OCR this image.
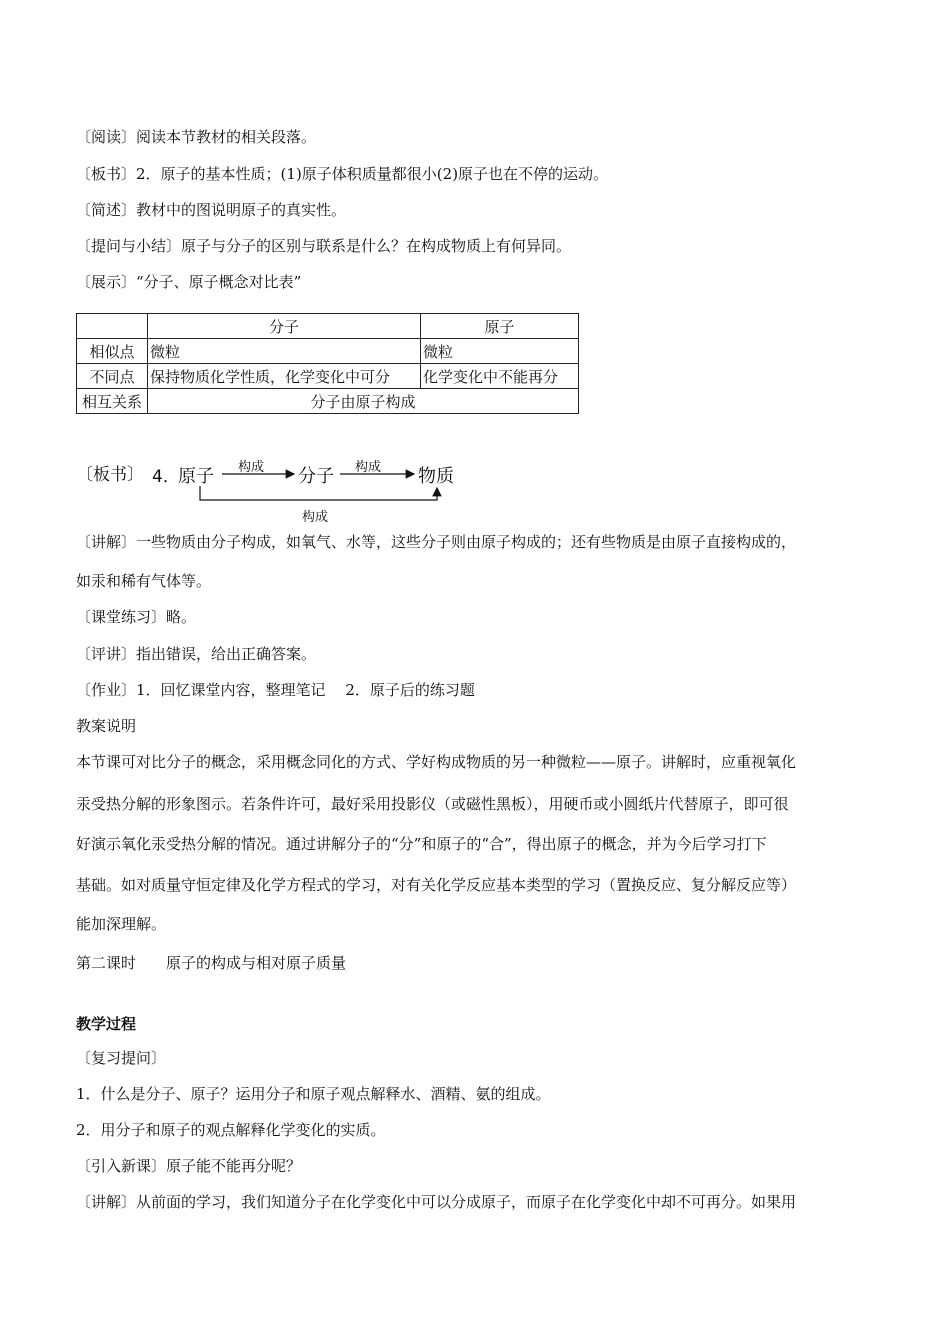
〔阅读〕阅读本节教材的相关段落。
〔板书〕2．原子的基本性质；(1)原子体积质量都很小(2)原子也在不停的运动。
〔简述〕教材中的图说明原子的真实性。
〔提问与小结〕原子与分子的区别与联系是什么？在构成物质上有何异同。
〔展示〕“分子、原子概念对比表”
	分子	原子
相似点	微粒	微粒
不同点	保持物质化学性质，化学变化中可分	化学变化中不能再分
相互关系	分子由原子构成	
〔板书〕 4．
原子 构成 分子 构成 物质
构成
〔讲解〕一些物质由分子构成，如氧气、水等，这些分子则由原子构成的；还有些物质是由原子直接构成的，
如汞和稀有气体等。
〔课堂练习〕略。
〔评讲〕指出错误，给出正确答案。
〔作业〕1．回忆课堂内容，整理笔记　 2．原子后的练习题
教案说明
本节课可对比分子的概念，采用概念同化的方式、学好构成物质的另一种微粒——原子。讲解时，应重视氧化
汞受热分解的形象图示。若条件许可，最好采用投影仪（或磁性黑板），用硬币或小圆纸片代替原子，即可很
好演示氧化汞受热分解的情况。通过讲解分子的“分”和原子的“合”，得出原子的概念，并为今后学习打下
基础。如对质量守恒定律及化学方程式的学习，对有关化学反应基本类型的学习（置换反应、复分解反应等）
能加深理解。
第二课时　　原子的构成与相对原子质量
教学过程
〔复习提问〕
1．什么是分子、原子？运用分子和原子观点解释水、酒精、氨的组成。
2．用分子和原子的观点解释化学变化的实质。
〔引入新课〕原子能不能再分呢？
〔讲解〕从前面的学习，我们知道分子在化学变化中可以分成原子，而原子在化学变化中却不可再分。如果用
